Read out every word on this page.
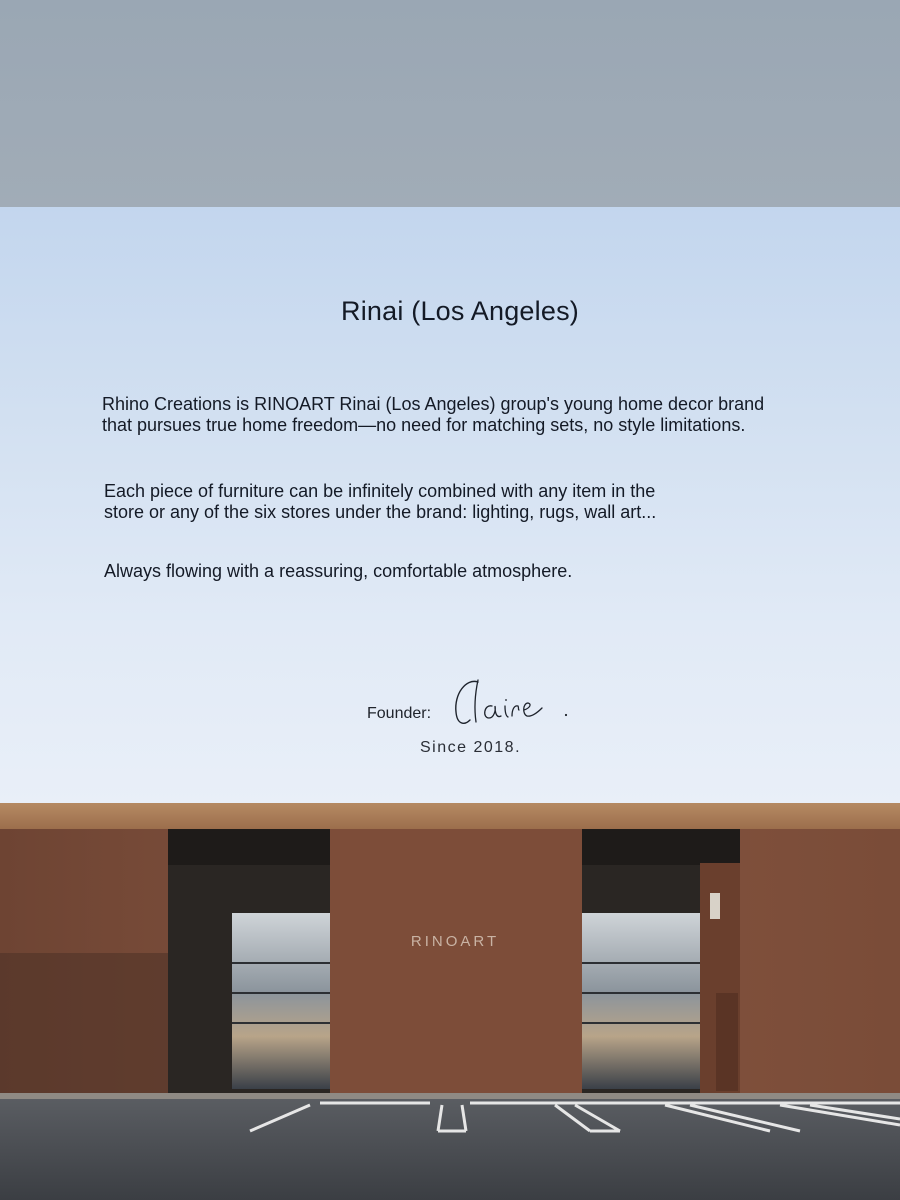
Rinai (Los Angeles)
Rhino Creations is RINOART Rinai (Los Angeles) group's young home decor brand
that pursues true home freedom—no need for matching sets, no style limitations.
Each piece of furniture can be infinitely combined with any item in the
store or any of the six stores under the brand: lighting, rugs, wall art...
Always flowing with a reassuring, comfortable atmosphere.
Founder:
Since 2018.
RINOART
